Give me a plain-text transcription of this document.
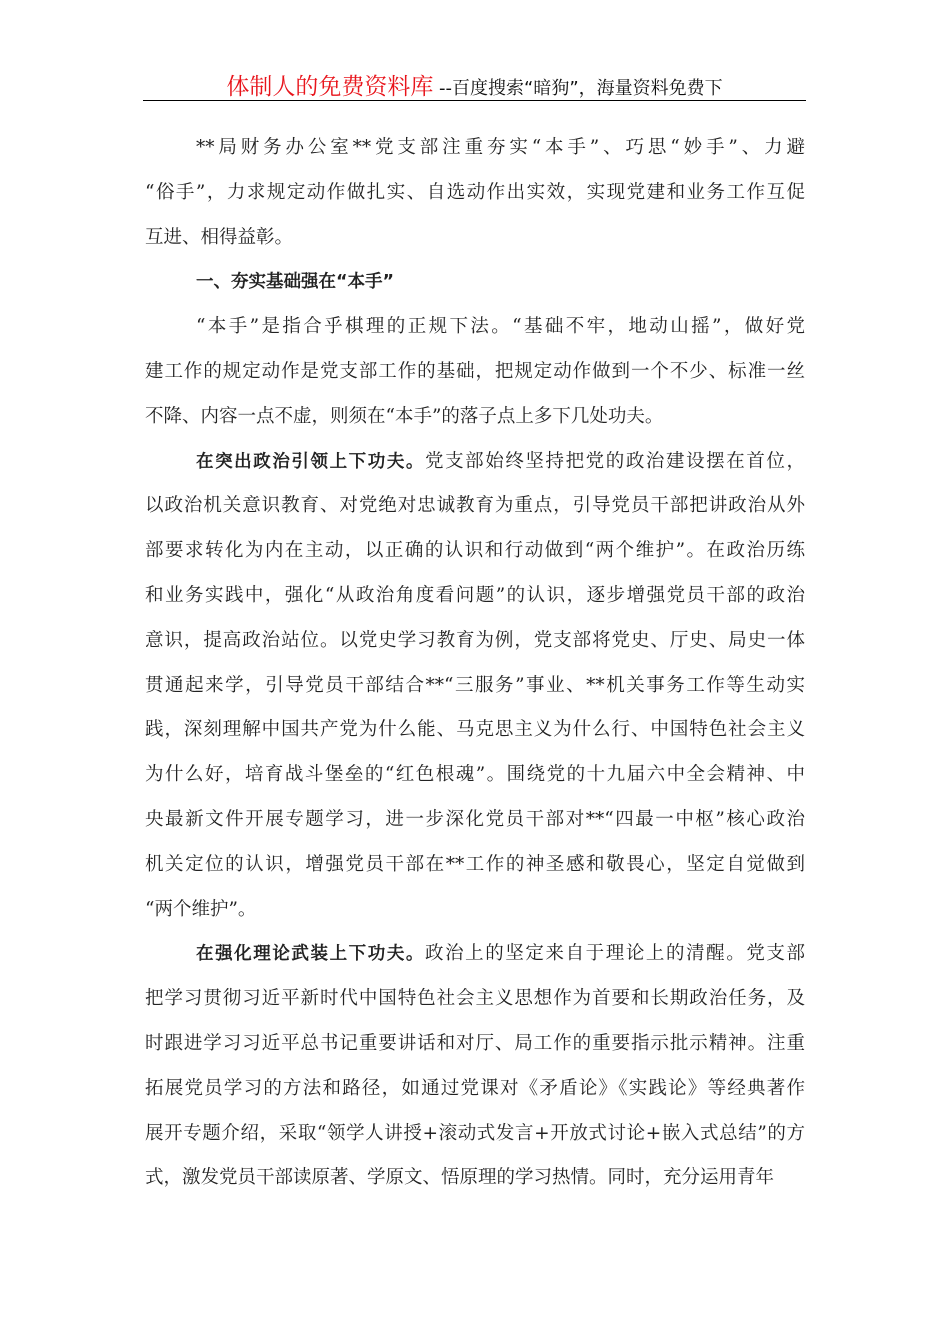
体制人的免费资料库 --百度搜索“暗狗”，海量资料免费下
**局财务办公室**党支部注重夯实“本手”、巧思“妙手”、力避
“俗手”，力求规定动作做扎实、自选动作出实效，实现党建和业务工作互促
互进、相得益彰。
一、夯实基础强在“本手”
“本手”是指合乎棋理的正规下法。“基础不牢，地动山摇”，做好党
建工作的规定动作是党支部工作的基础，把规定动作做到一个不少、标准一丝
不降、内容一点不虚，则须在“本手”的落子点上多下几处功夫。
在突出政治引领上下功夫。党支部始终坚持把党的政治建设摆在首位，
以政治机关意识教育、对党绝对忠诚教育为重点，引导党员干部把讲政治从外
部要求转化为内在主动，以正确的认识和行动做到“两个维护”。在政治历练
和业务实践中，强化“从政治角度看问题”的认识，逐步增强党员干部的政治
意识，提高政治站位。以党史学习教育为例，党支部将党史、厅史、局史一体
贯通起来学，引导党员干部结合**“三服务”事业、**机关事务工作等生动实
践，深刻理解中国共产党为什么能、马克思主义为什么行、中国特色社会主义
为什么好，培育战斗堡垒的“红色根魂”。围绕党的十九届六中全会精神、中
央最新文件开展专题学习，进一步深化党员干部对**“四最一中枢”核心政治
机关定位的认识，增强党员干部在**工作的神圣感和敬畏心，坚定自觉做到
“两个维护”。
在强化理论武装上下功夫。政治上的坚定来自于理论上的清醒。党支部
把学习贯彻习近平新时代中国特色社会主义思想作为首要和长期政治任务，及
时跟进学习习近平总书记重要讲话和对厅、局工作的重要指示批示精神。注重
拓展党员学习的方法和路径，如通过党课对《矛盾论》《实践论》等经典著作
展开专题介绍，采取“领学人讲授+滚动式发言+开放式讨论+嵌入式总结”的方
式，激发党员干部读原著、学原文、悟原理的学习热情。同时，充分运用青年
